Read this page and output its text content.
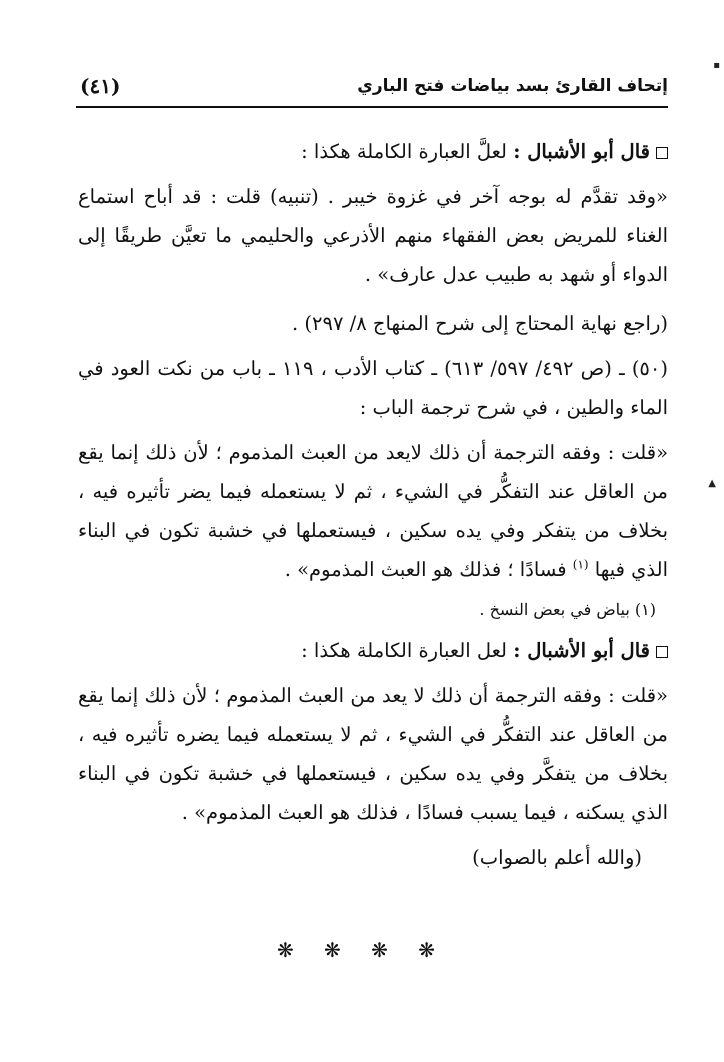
إتحاف القارئ بسد بياضات فتح الباري
(٤١)

قال أبو الأشبال : لعلَّ العبارة الكاملة هكذا :

«وقد تقدَّم له بوجه آخر في غزوة خيبر . (تنبيه) قلت : قد أباح استماع الغناء للمريض بعض الفقهاء منهم الأذرعي والحليمي ما تعيَّن طريقًا إلى الدواء أو شهد به طبيب عدل عارف» .

(راجع نهاية المحتاج إلى شرح المنهاج ٨/ ٢٩٧) .

(٥٠) ـ (ص ٤٩٢/ ٥٩٧/ ٦١٣) ـ كتاب الأدب ، ١١٩ ـ باب من نكت العود في الماء والطين ، في شرح ترجمة الباب :

«قلت : وفقه الترجمة أن ذلك لايعد من العبث المذموم ؛ لأن ذلك إنما يقع من العاقل عند التفكُّر في الشيء ، ثم لا يستعمله فيما يضر تأثيره فيه ، بخلاف من يتفكر وفي يده سكين ، فيستعملها في خشبة تكون في البناء الذي فيها $^{(١)}$ فسادًا ؛ فذلك هو العبث المذموم» .

(١) بياض في بعض النسخ .

قال أبو الأشبال : لعل العبارة الكاملة هكذا :

«قلت : وفقه الترجمة أن ذلك لا يعد من العبث المذموم ؛ لأن ذلك إنما يقع من العاقل عند التفكُّر في الشيء ، ثم لا يستعمله فيما يضره تأثيره فيه ، بخلاف من يتفكَّر وفي يده سكين ، فيستعملها في خشبة تكون في البناء الذي يسكنه ، فيما يسبب فسادًا ، فذلك هو العبث المذموم» .

(والله أعلم بالصواب)

❋ ❋ ❋ ❋
▪
▲
